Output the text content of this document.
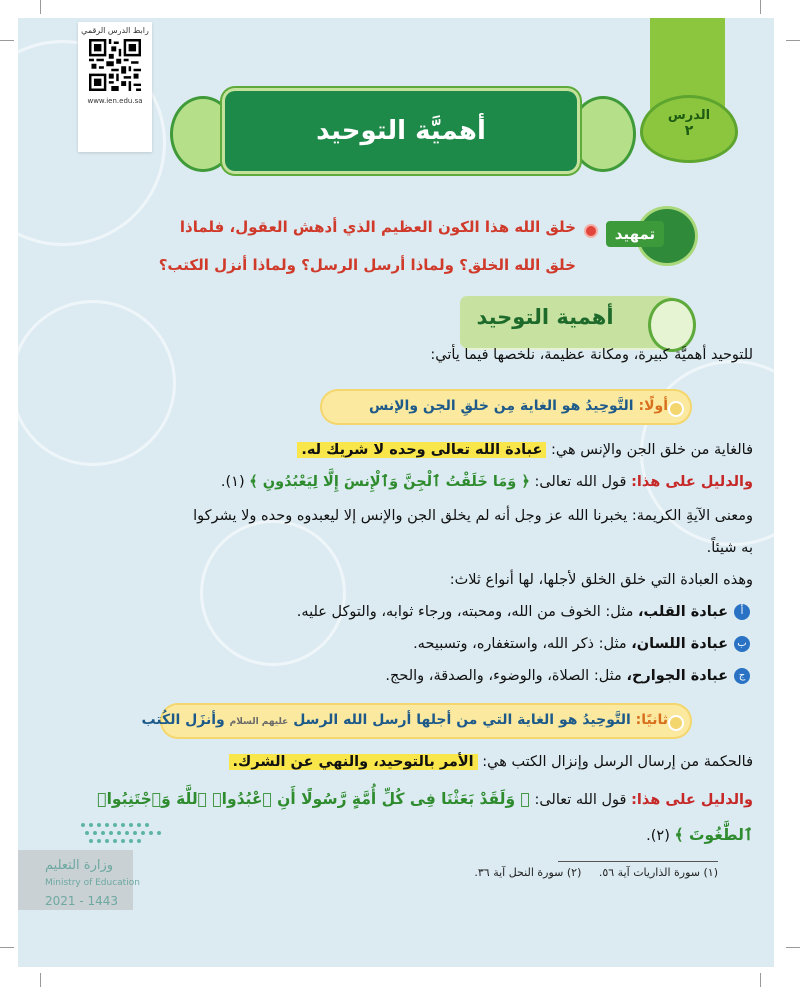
رابط الدرس الرقمي
www.ien.edu.sa
الدرس
٢
أهميَّة التوحيد
تمهيد
خلق الله هذا الكون العظيم الذي أدهش العقول، فلماذا
خلق الله الخلق؟ ولماذا أرسل الرسل؟ ولماذا أنزل الكتب؟
أهمية التوحيد
للتوحيد أهميَّة كبيرة، ومكانة عظيمة، نلخصها فيما يأتي:
أولًا: التَّوحِيدُ هو الغاية مِن خلقِ الجن والإنس
فالغاية من خلق الجن والإنس هي: عبادة الله تعالى وحده لا شريك له.
والدليل على هذا: قول الله تعالى: ﴿ وَمَا خَلَقْتُ ٱلْجِنَّ وَٱلْإِنسَ إِلَّا لِيَعْبُدُونِ ﴾ (١).
ومعنى الآيةِ الكريمة: يخبرنا الله عز وجل أنه لم يخلق الجن والإنس إلا ليعبدوه وحده ولا يشركوا
به شيئاً.
وهذه العبادة التي خلق الخلق لأجلها، لها أنواع ثلاث:
أعبادة القلب، مثل: الخوف من الله، ومحبته، ورجاء ثوابه، والتوكل عليه.
بعبادة اللسان، مثل: ذكر الله، واستغفاره، وتسبيحه.
جعبادة الجوارح، مثل: الصلاة، والوضوء، والصدقة، والحج.
ثانيًا: التَّوحِيدُ هو الغاية التي من أجلها أرسل الله الرسل عليهم السلام وأنزَل الكُتب
فالحكمة من إرسال الرسل وإنزال الكتب هي: الأمر بالتوحيد، والنهي عن الشرك.
والدليل على هذا: قول الله تعالى: ﴿ وَلَقَدْ بَعَثْنَا فِى كُلِّ أُمَّةٍ رَّسُولًا أَنِ ٱعْبُدُوا۟ ٱللَّهَ وَٱجْتَنِبُوا۟
ٱلطَّٰغُوتَ ﴾ (٢).
(١) سورة الذاريات آية ٥٦.     (٢) سورة النحل آية ٣٦.
وزارة التعليم
Ministry of Education
2021 - 1443
